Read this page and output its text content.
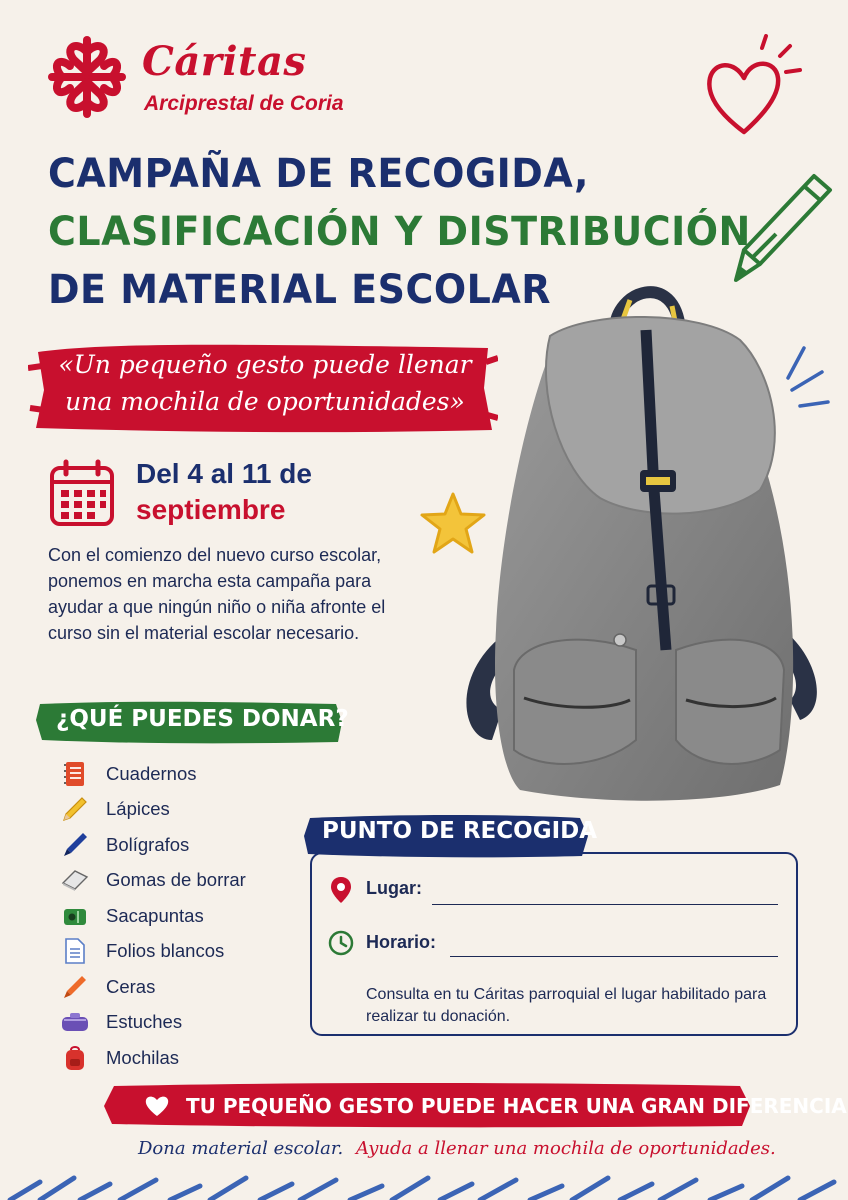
Cáritas
Arciprestal de Coria
CAMPAÑA DE RECOGIDA,
CLASIFICACIÓN Y DISTRIBUCIÓN
DE MATERIAL ESCOLAR
«Un pequeño gesto puede llenar
una mochila de oportunidades»
Del 4 al 11 de
septiembre
Con el comienzo del nuevo curso escolar, ponemos en marcha esta campaña para ayudar a que ningún niño o niña afronte el curso sin el material escolar necesario.
¿QUÉ PUEDES DONAR?
Cuadernos
Lápices
Bolígrafos
Gomas de borrar
Sacapuntas
Folios blancos
Ceras
Estuches
Mochilas
PUNTO DE RECOGIDA
Lugar:
Horario:
Consulta en tu Cáritas parroquial el lugar habilitado para realizar tu donación.
TU PEQUEÑO GESTO PUEDE HACER UNA GRAN DIFERENCIA
Dona material escolar. Ayuda a llenar una mochila de oportunidades.
